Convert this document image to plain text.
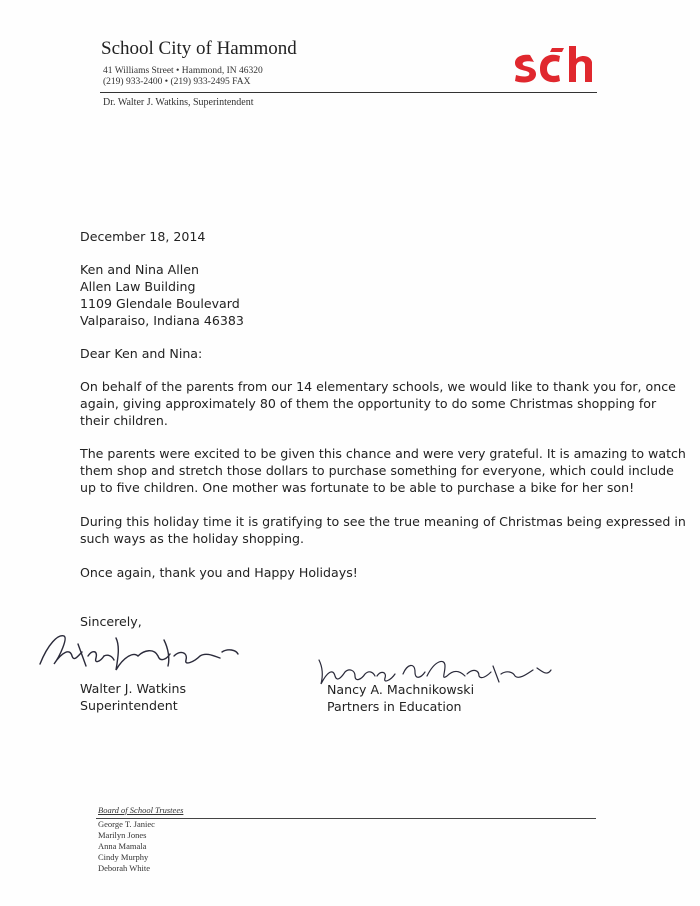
School City of Hammond
41 Williams Street • Hammond, IN 46320
(219) 933-2400 • (219) 933-2495 FAX
Dr. Walter J. Watkins, Superintendent
December 18, 2014
Ken and Nina Allen
Allen Law Building
1109 Glendale Boulevard
Valparaiso, Indiana 46383
Dear Ken and Nina:
On behalf of the parents from our 14 elementary schools, we would like to thank you for, once
again, giving approximately 80 of them the opportunity to do some Christmas shopping for
their children.
The parents were excited to be given this chance and were very grateful. It is amazing to watch
them shop and stretch those dollars to purchase something for everyone, which could include
up to five children. One mother was fortunate to be able to purchase a bike for her son!
During this holiday time it is gratifying to see the true meaning of Christmas being expressed in
such ways as the holiday shopping.
Once again, thank you and Happy Holidays!
Sincerely,
Walter J. Watkins
Superintendent
Nancy A. Machnikowski
Partners in Education
Board of School Trustees
George T. Janiec
Marilyn Jones
Anna Mamala
Cindy Murphy
Deborah White
